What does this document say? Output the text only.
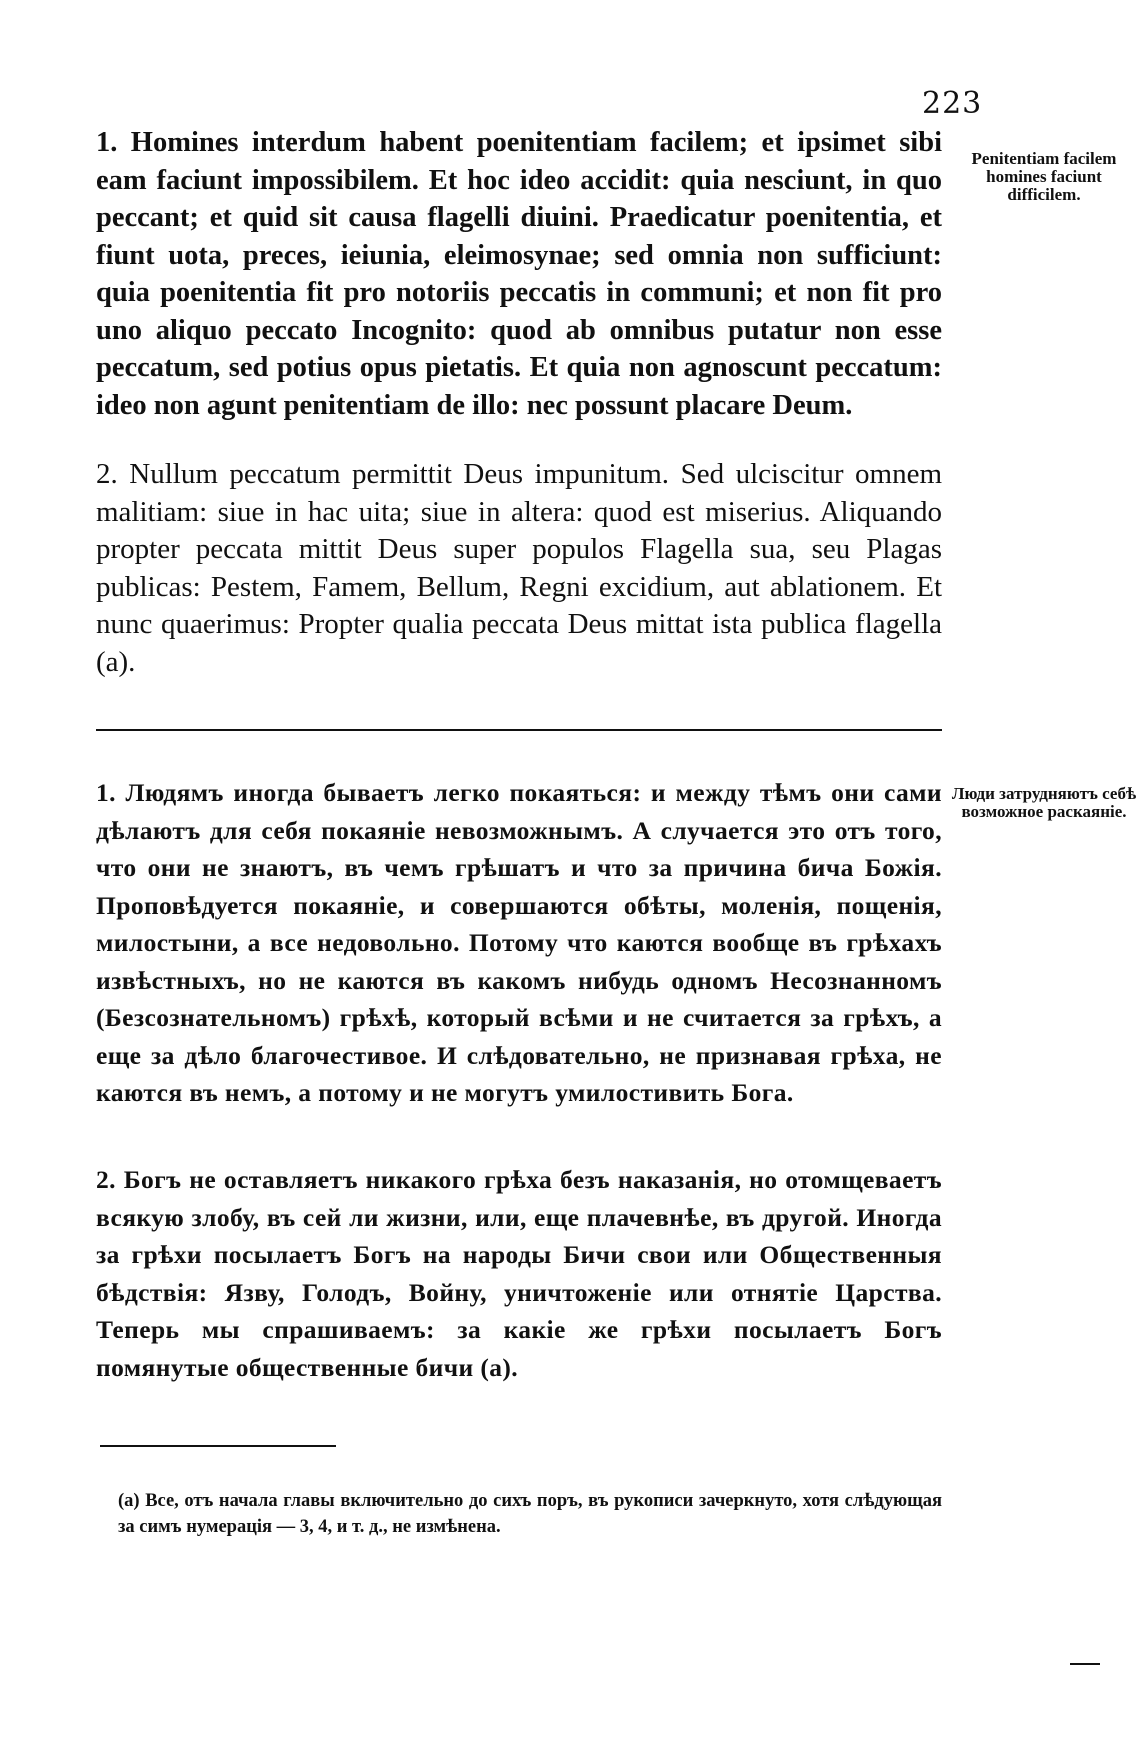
223
1. Homines interdum habent poenitentiam facilem; et ipsimet sibi eam faciunt impossibilem. Et hoc ideo accidit: quia nesciunt, in quo peccant; et quid sit causa flagelli diuini. Praedicatur poenitentia, et fiunt uota, preces, ieiunia, eleimosynae; sed omnia non sufficiunt: quia poenitentia fit pro notoriis peccatis in communi; et non fit pro uno aliquo peccato Incognito: quod ab omnibus putatur non esse peccatum, sed potius opus pietatis. Et quia non agnoscunt peccatum: ideo non agunt penitentiam de illo: nec possunt placare Deum.
Penitentiam facilem homines faciunt difficilem.
2. Nullum peccatum permittit Deus impunitum. Sed ulciscitur omnem malitiam: siue in hac uita; siue in altera: quod est miserius. Aliquando propter peccata mittit Deus super populos Flagella sua, seu Plagas publicas: Pestem, Famem, Bellum, Regni excidium, aut ablationem. Et nunc quaerimus: Propter qualia peccata Deus mittat ista publica flagella (a).
1. Людямъ иногда бываетъ легко покаяться: и между тѣмъ они сами дѣлаютъ для себя покаяніе невозможнымъ. А случается это отъ того, что они не знаютъ, въ чемъ грѣшатъ и что за причина бича Божія. Проповѣдуется покаяніе, и совершаются обѣты, моленія, пощенія, милостыни, а все недовольно. Потому что каются вообще въ грѣхахъ извѣстныхъ, но не каются въ какомъ нибудь одномъ Несознанномъ (Безсознательномъ) грѣхѣ, который всѣми и не считается за грѣхъ, а еще за дѣло благочестивое. И слѣдовательно, не признавая грѣха, не каются въ немъ, а потому и не могутъ умилостивить Бога.
Люди затрудняютъ себѣ возможное раскаяніе.
2. Богъ не оставляетъ никакого грѣха безъ наказанія, но отомщеваетъ всякую злобу, въ сей ли жизни, или, еще плачевнѣе, въ другой. Иногда за грѣхи посылаетъ Богъ на народы Бичи свои или Общественныя бѣдствія: Язву, Голодъ, Войну, уничтоженіе или отнятіе Царства. Теперь мы спрашиваемъ: за какіе же грѣхи посылаетъ Богъ помянутые общественные бичи (а).
(а) Все, отъ начала главы включительно до сихъ поръ, въ рукописи зачеркнуто, хотя слѣдующая за симъ нумерація — 3, 4, и т. д., не измѣнена.
